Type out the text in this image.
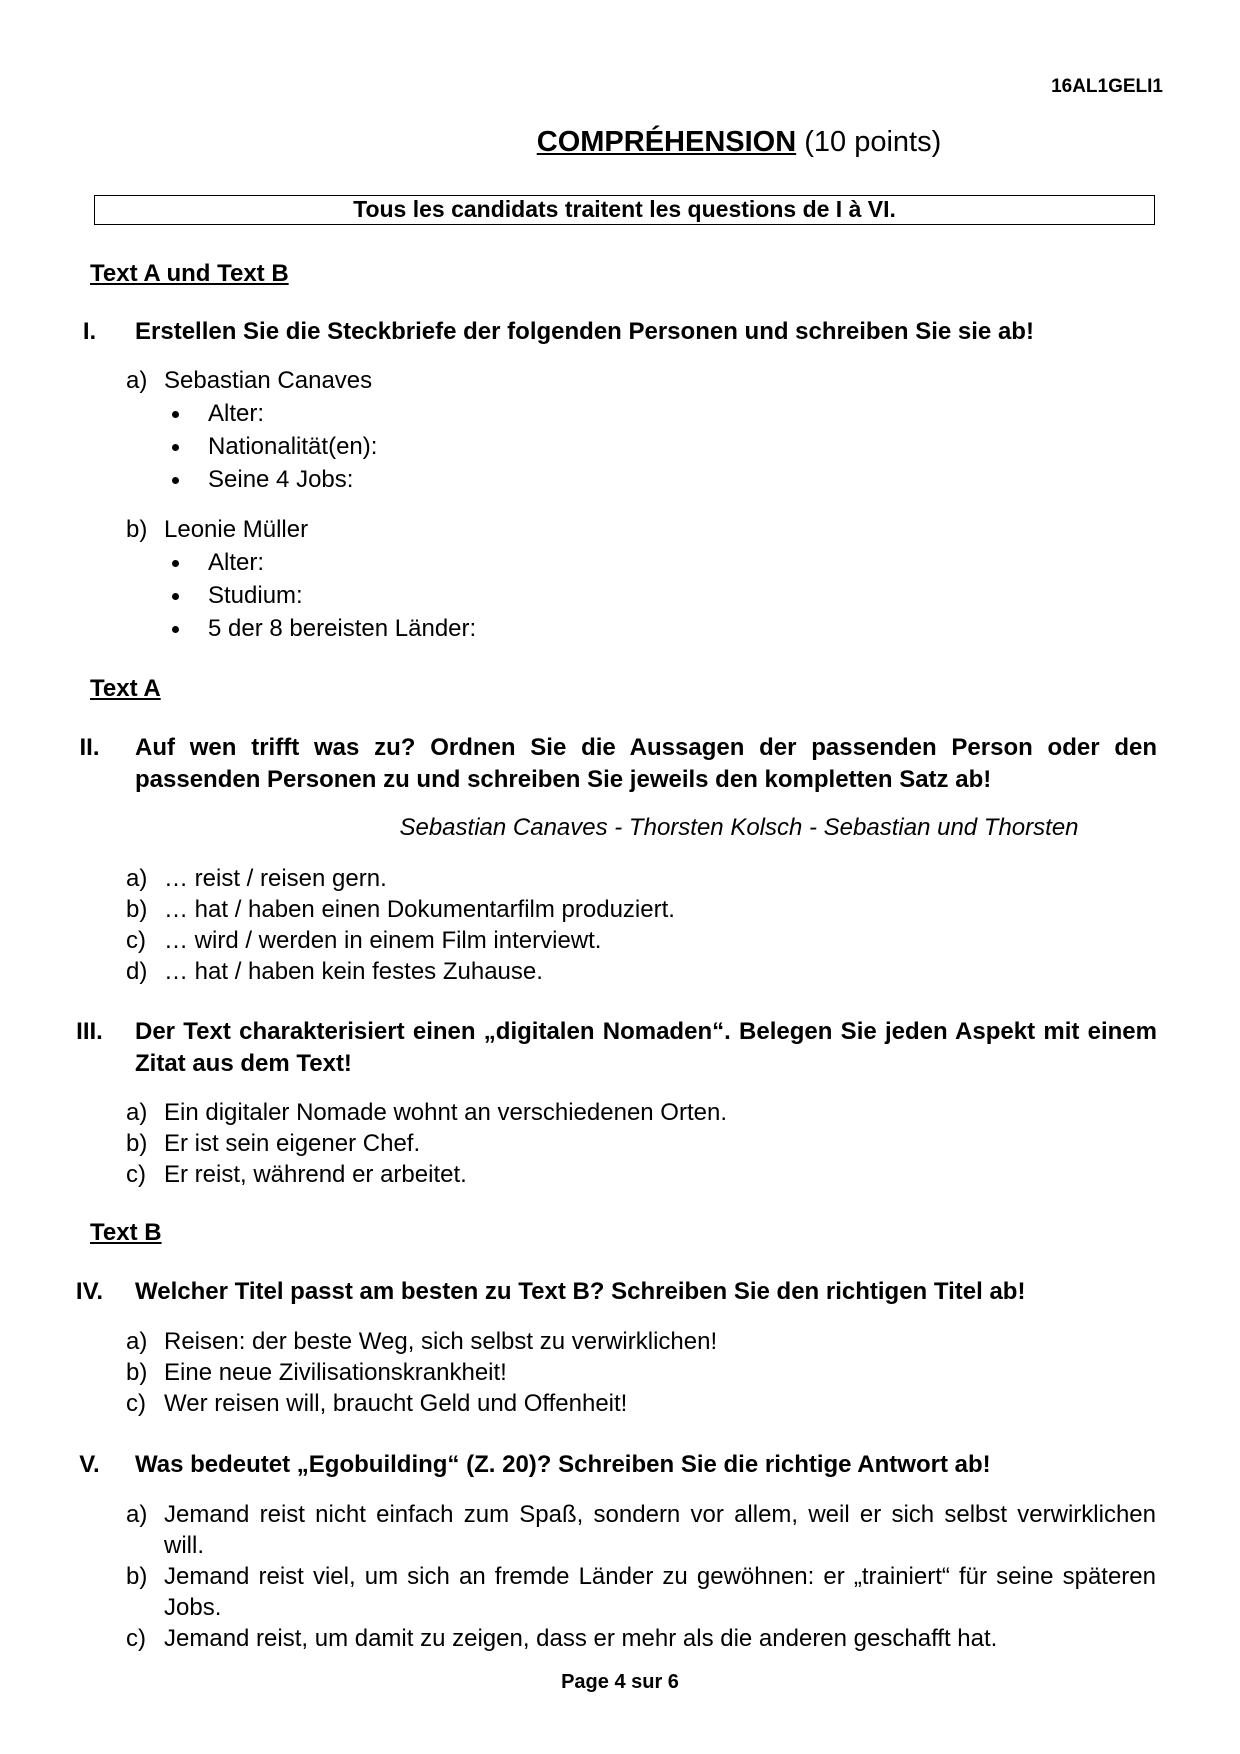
16AL1GELI1
COMPRÉHENSION (10 points)
Tous les candidats traitent les questions de I à VI.
Text A und Text B
I.	Erstellen Sie die Steckbriefe der folgenden Personen und schreiben Sie sie ab!
a) Sebastian Canaves
Alter:
Nationalität(en):
Seine 4 Jobs:
b) Leonie Müller
Alter:
Studium:
5 der 8 bereisten Länder:
Text A
II.	Auf wen trifft was zu? Ordnen Sie die Aussagen der passenden Person oder den passenden Personen zu und schreiben Sie jeweils den kompletten Satz ab!
Sebastian Canaves - Thorsten Kolsch - Sebastian und Thorsten
a) … reist / reisen gern.
b) … hat / haben einen Dokumentarfilm produziert.
c) … wird / werden in einem Film interviewt.
d) … hat / haben kein festes Zuhause.
III.	Der Text charakterisiert einen „digitalen Nomaden“. Belegen Sie jeden Aspekt mit einem Zitat aus dem Text!
a) Ein digitaler Nomade wohnt an verschiedenen Orten.
b) Er ist sein eigener Chef.
c) Er reist, während er arbeitet.
Text B
IV.	Welcher Titel passt am besten zu Text B? Schreiben Sie den richtigen Titel ab!
a) Reisen: der beste Weg, sich selbst zu verwirklichen!
b) Eine neue Zivilisationskrankheit!
c) Wer reisen will, braucht Geld und Offenheit!
V.	Was bedeutet „Egobuilding“ (Z. 20)? Schreiben Sie die richtige Antwort ab!
a) Jemand reist nicht einfach zum Spaß, sondern vor allem, weil er sich selbst verwirklichen will.
b) Jemand reist viel, um sich an fremde Länder zu gewöhnen: er „trainiert“ für seine späteren Jobs.
c) Jemand reist, um damit zu zeigen, dass er mehr als die anderen geschafft hat.
Page 4 sur 6
